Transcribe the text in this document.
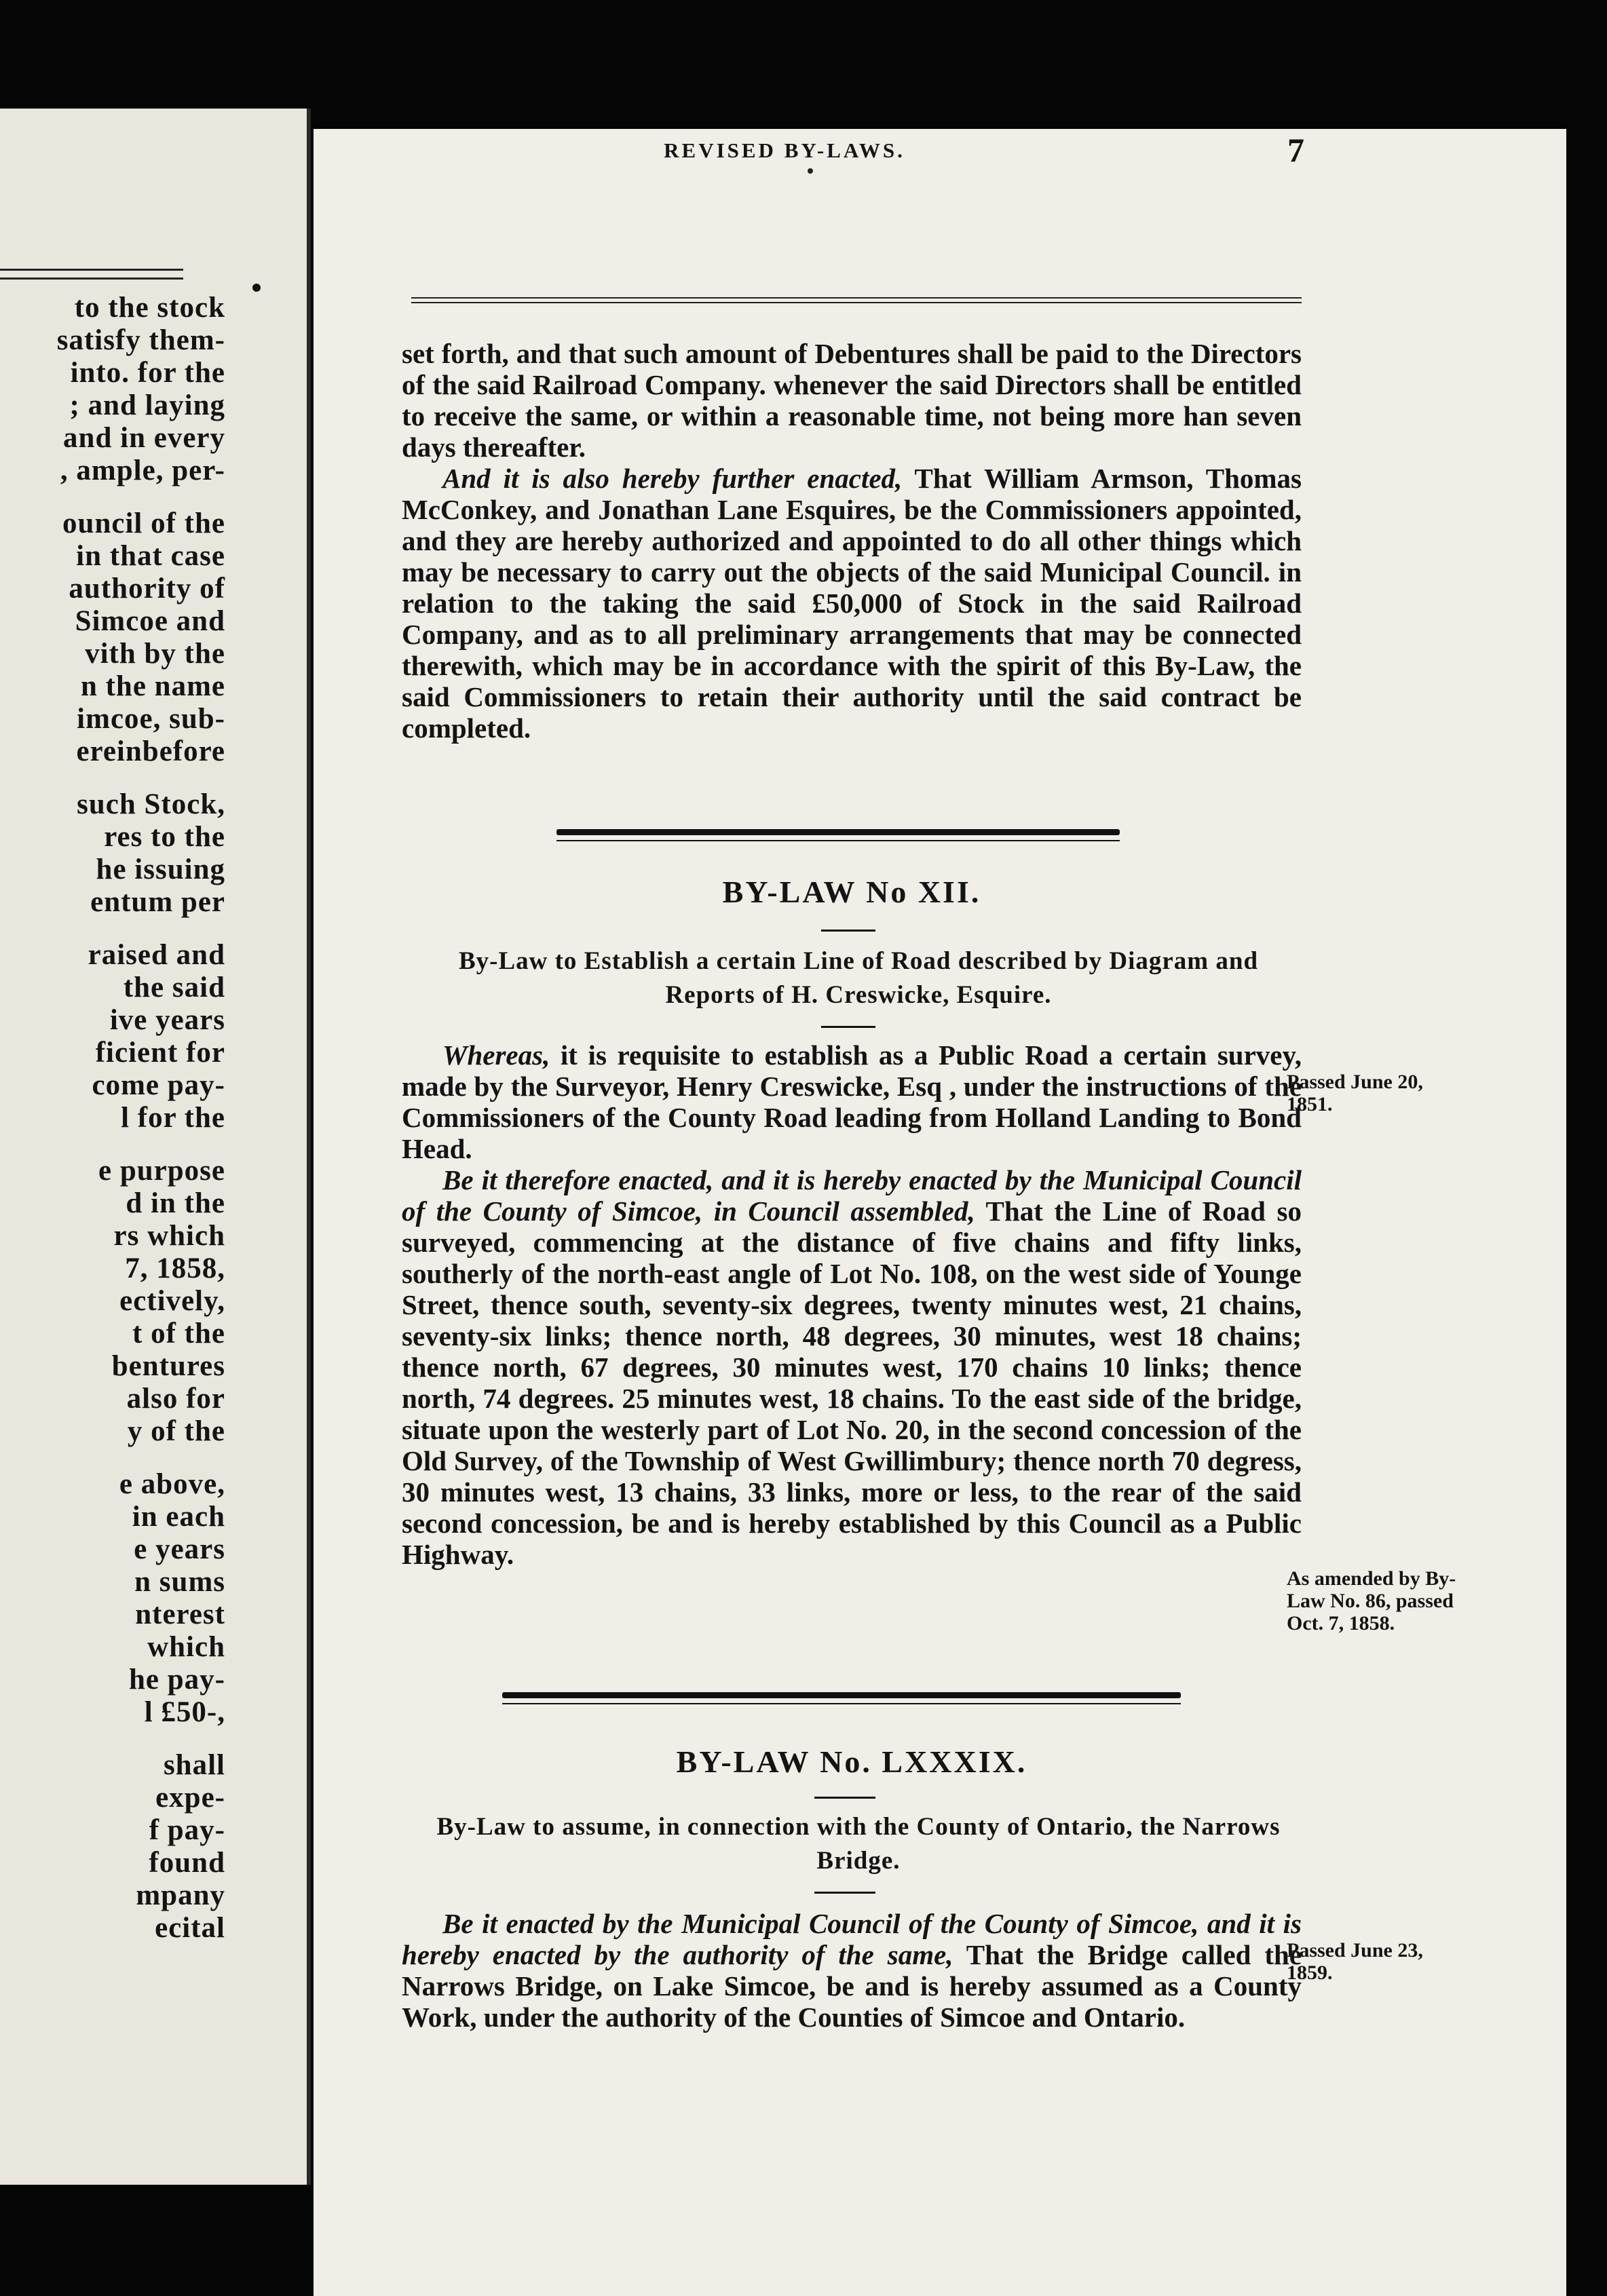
to the stock
satisfy them-
into. for the
; and laying
and in every
, ample, per-
ouncil of the
in that case
authority of
Simcoe and
vith by the
n the name
imcoe, sub-
ereinbefore
such Stock,
res to the
he issuing
entum per
raised and
the said
ive years
ficient for
come pay-
l for the
e purpose
d in the
rs which
7, 1858,
ectively,
t of the
bentures
also for
y of the
e above,
in each
e years
n sums
nterest
which
he pay-
l £50-,
shall
expe-
f pay-
found
mpany
ecital
REVISED BY-LAWS.	7

set forth, and that such amount of Debentures shall be paid to the Directors of the said Railroad Company. whenever the said Directors shall be entitled to receive the same, or within a reasonable time, not being more han seven days thereafter.

And it is also hereby further enacted, That William Armson, Thomas McConkey, and Jonathan Lane Esquires, be the Commissioners appointed, and they are hereby authorized and appointed to do all other things which may be necessary to carry out the objects of the said Municipal Council. in relation to the taking the said £50,000 of Stock in the said Railroad Company, and as to all preliminary arrangements that may be connected therewith, which may be in accordance with the spirit of this By-Law, the said Commissioners to retain their authority until the said contract be completed.

BY-LAW No XII.
By-Law to Establish a certain Line of Road described by Diagram and Reports of H. Creswicke, Esquire.

Whereas, it is requisite to establish as a Public Road a certain survey, made by the Surveyor, Henry Creswicke, Esq , under the instructions of the Commissioners of the County Road leading from Holland Landing to Bond Head.

Be it therefore enacted, and it is hereby enacted by the Municipal Council of the County of Simcoe, in Council assembled, That the Line of Road so surveyed, commencing at the distance of five chains and fifty links, southerly of the north-east angle of Lot No. 108, on the west side of Younge Street, thence south, seventy-six degrees, twenty minutes west, 21 chains, seventy-six links; thence north, 48 degrees, 30 minutes, west 18 chains; thence north, 67 degrees, 30 minutes west, 170 chains 10 links; thence north, 74 degrees. 25 minutes west, 18 chains. To the east side of the bridge, situate upon the westerly part of Lot No. 20, in the second concession of the Old Survey, of the Township of West Gwillimbury; thence north 70 degress, 30 minutes west, 13 chains, 33 links, more or less, to the rear of the said second concession, be and is hereby established by this Council as a Public Highway.

Passed June 20, 1851.
As amended by By-Law No. 86, passed Oct. 7, 1858.
BY-LAW No. LXXXIX.
By-Law to assume, in connection with the County of Ontario, the Narrows Bridge.

Be it enacted by the Municipal Council of the County of Simcoe, and it is hereby enacted by the authority of the same, That the Bridge called the Narrows Bridge, on Lake Simcoe, be and is hereby assumed as a County Work, under the authority of the Counties of Simcoe and Ontario.

Passed June 23, 1859.
